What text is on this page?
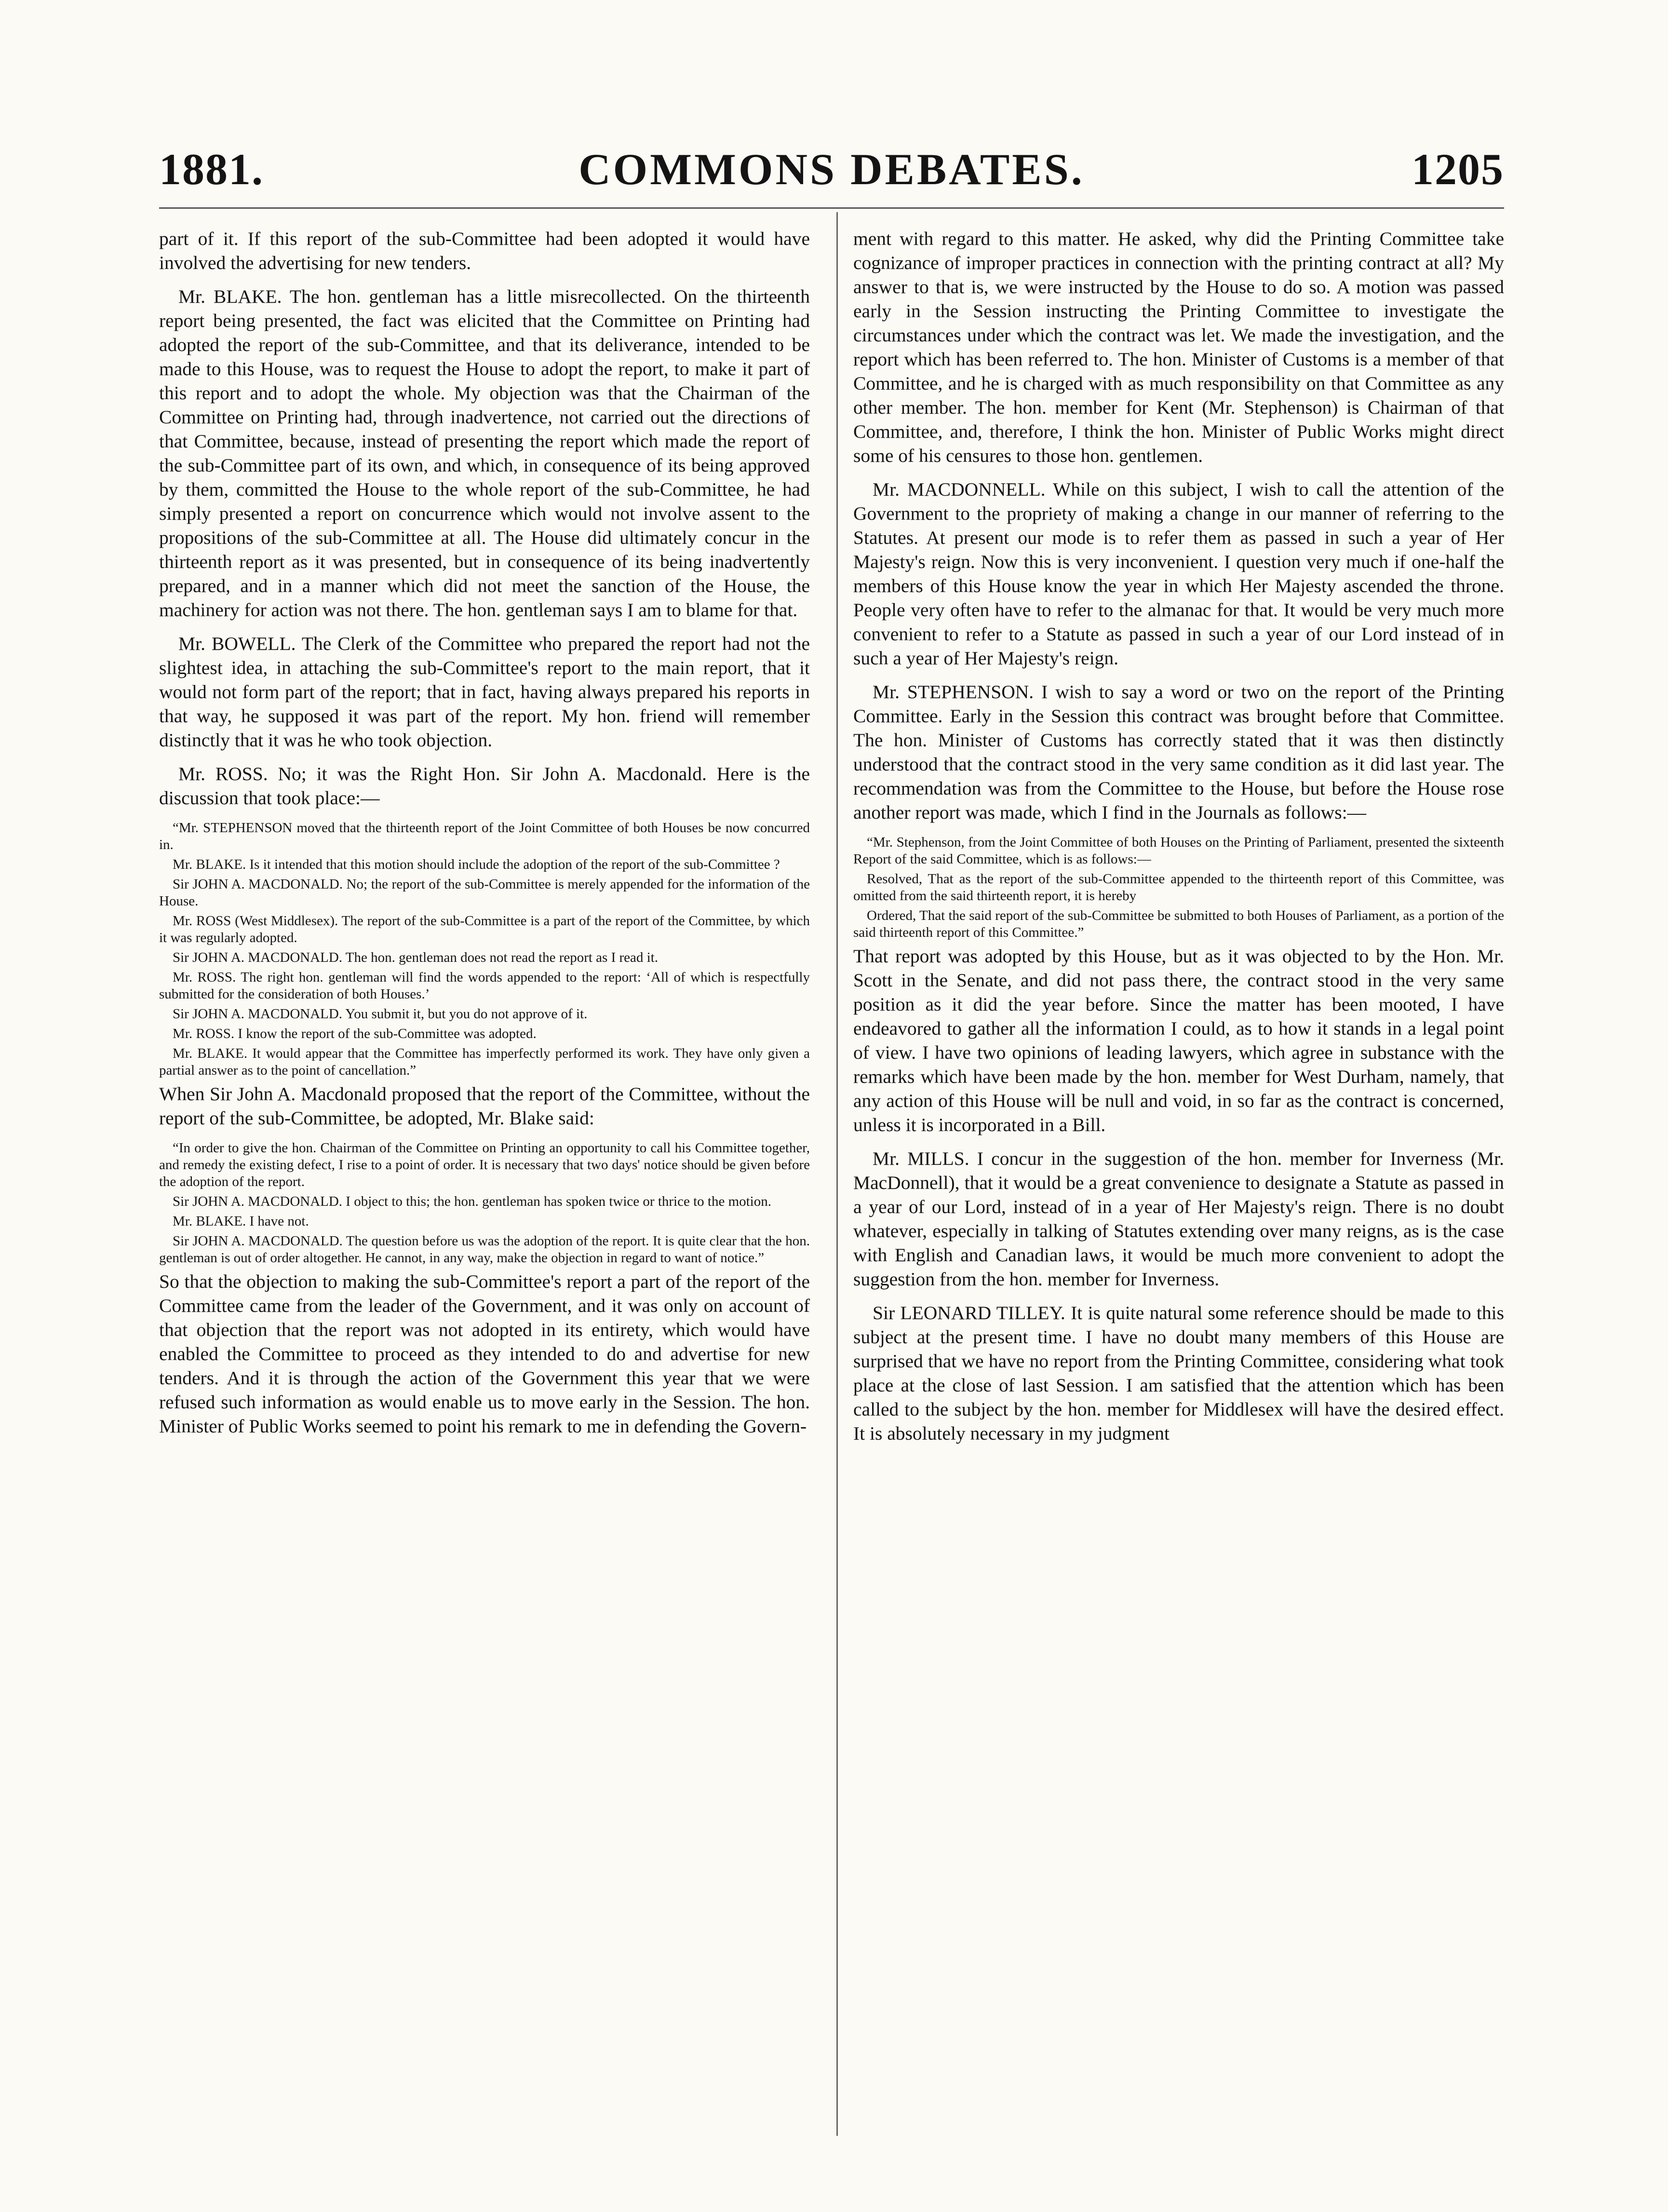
1881.	COMMONS DEBATES.	1205

part of it. If this report of the sub-Committee had been adopted it would have involved the advertising for new tenders.

Mr. BLAKE. The hon. gentleman has a little misrecollected. On the thirteenth report being presented, the fact was elicited that the Committee on Printing had adopted the report of the sub-Committee, and that its deliverance, intended to be made to this House, was to request the House to adopt the report, to make it part of this report and to adopt the whole. My objection was that the Chairman of the Committee on Printing had, through inadvertence, not carried out the directions of that Committee, because, instead of presenting the report which made the report of the sub-Committee part of its own, and which, in consequence of its being approved by them, committed the House to the whole report of the sub-Committee, he had simply presented a report on concurrence which would not involve assent to the propositions of the sub-Committee at all. The House did ultimately concur in the thirteenth report as it was presented, but in consequence of its being inadvertently prepared, and in a manner which did not meet the sanction of the House, the machinery for action was not there. The hon. gentleman says I am to blame for that.

Mr. BOWELL. The Clerk of the Committee who prepared the report had not the slightest idea, in attaching the sub-Committee's report to the main report, that it would not form part of the report; that in fact, having always prepared his reports in that way, he supposed it was part of the report. My hon. friend will remember distinctly that it was he who took objection.

Mr. ROSS. No; it was the Right Hon. Sir John A. Macdonald. Here is the discussion that took place:—

“Mr. STEPHENSON moved that the thirteenth report of the Joint Committee of both Houses be now concurred in.

Mr. BLAKE. Is it intended that this motion should include the adoption of the report of the sub-Committee ?

Sir JOHN A. MACDONALD. No; the report of the sub-Committee is merely appended for the information of the House.

Mr. ROSS (West Middlesex). The report of the sub-Committee is a part of the report of the Committee, by which it was regularly adopted.

Sir JOHN A. MACDONALD. The hon. gentleman does not read the report as I read it.

Mr. ROSS. The right hon. gentleman will find the words appended to the report: ‘All of which is respectfully submitted for the consideration of both Houses.’

Sir JOHN A. MACDONALD. You submit it, but you do not approve of it.

Mr. ROSS. I know the report of the sub-Committee was adopted.

Mr. BLAKE. It would appear that the Committee has imperfectly performed its work. They have only given a partial answer as to the point of cancellation.”

When Sir John A. Macdonald proposed that the report of the Committee, without the report of the sub-Committee, be adopted, Mr. Blake said:

“In order to give the hon. Chairman of the Committee on Printing an opportunity to call his Committee together, and remedy the existing defect, I rise to a point of order. It is necessary that two days' notice should be given before the adoption of the report.

Sir JOHN A. MACDONALD. I object to this; the hon. gentleman has spoken twice or thrice to the motion.

Mr. BLAKE. I have not.

Sir JOHN A. MACDONALD. The question before us was the adoption of the report. It is quite clear that the hon. gentleman is out of order altogether. He cannot, in any way, make the objection in regard to want of notice.”

So that the objection to making the sub-Committee's report a part of the report of the Committee came from the leader of the Government, and it was only on account of that objection that the report was not adopted in its entirety, which would have enabled the Committee to proceed as they intended to do and advertise for new tenders. And it is through the action of the Government this year that we were refused such information as would enable us to move early in the Session. The hon. Minister of Public Works seemed to point his remark to me in defending the Govern-

ment with regard to this matter. He asked, why did the Printing Committee take cognizance of improper practices in connection with the printing contract at all? My answer to that is, we were instructed by the House to do so. A motion was passed early in the Session instructing the Printing Committee to investigate the circumstances under which the contract was let. We made the investigation, and the report which has been referred to. The hon. Minister of Customs is a member of that Committee, and he is charged with as much responsibility on that Committee as any other member. The hon. member for Kent (Mr. Stephenson) is Chairman of that Committee, and, therefore, I think the hon. Minister of Public Works might direct some of his censures to those hon. gentlemen.

Mr. MACDONNELL. While on this subject, I wish to call the attention of the Government to the propriety of making a change in our manner of referring to the Statutes. At present our mode is to refer them as passed in such a year of Her Majesty's reign. Now this is very inconvenient. I question very much if one-half the members of this House know the year in which Her Majesty ascended the throne. People very often have to refer to the almanac for that. It would be very much more convenient to refer to a Statute as passed in such a year of our Lord instead of in such a year of Her Majesty's reign.

Mr. STEPHENSON. I wish to say a word or two on the report of the Printing Committee. Early in the Session this contract was brought before that Committee. The hon. Minister of Customs has correctly stated that it was then distinctly understood that the contract stood in the very same condition as it did last year. The recommendation was from the Committee to the House, but before the House rose another report was made, which I find in the Journals as follows:—

“Mr. Stephenson, from the Joint Committee of both Houses on the Printing of Parliament, presented the sixteenth Report of the said Committee, which is as follows:—

Resolved, That as the report of the sub-Committee appended to the thirteenth report of this Committee, was omitted from the said thirteenth report, it is hereby

Ordered, That the said report of the sub-Committee be submitted to both Houses of Parliament, as a portion of the said thirteenth report of this Committee.”

That report was adopted by this House, but as it was objected to by the Hon. Mr. Scott in the Senate, and did not pass there, the contract stood in the very same position as it did the year before. Since the matter has been mooted, I have endeavored to gather all the information I could, as to how it stands in a legal point of view. I have two opinions of leading lawyers, which agree in substance with the remarks which have been made by the hon. member for West Durham, namely, that any action of this House will be null and void, in so far as the contract is concerned, unless it is incorporated in a Bill.

Mr. MILLS. I concur in the suggestion of the hon. member for Inverness (Mr. MacDonnell), that it would be a great convenience to designate a Statute as passed in a year of our Lord, instead of in a year of Her Majesty's reign. There is no doubt whatever, especially in talking of Statutes extending over many reigns, as is the case with English and Canadian laws, it would be much more convenient to adopt the suggestion from the hon. member for Inverness.

Sir LEONARD TILLEY. It is quite natural some reference should be made to this subject at the present time. I have no doubt many members of this House are surprised that we have no report from the Printing Committee, considering what took place at the close of last Session. I am satisfied that the attention which has been called to the subject by the hon. member for Middlesex will have the desired effect. It is absolutely necessary in my judgment
